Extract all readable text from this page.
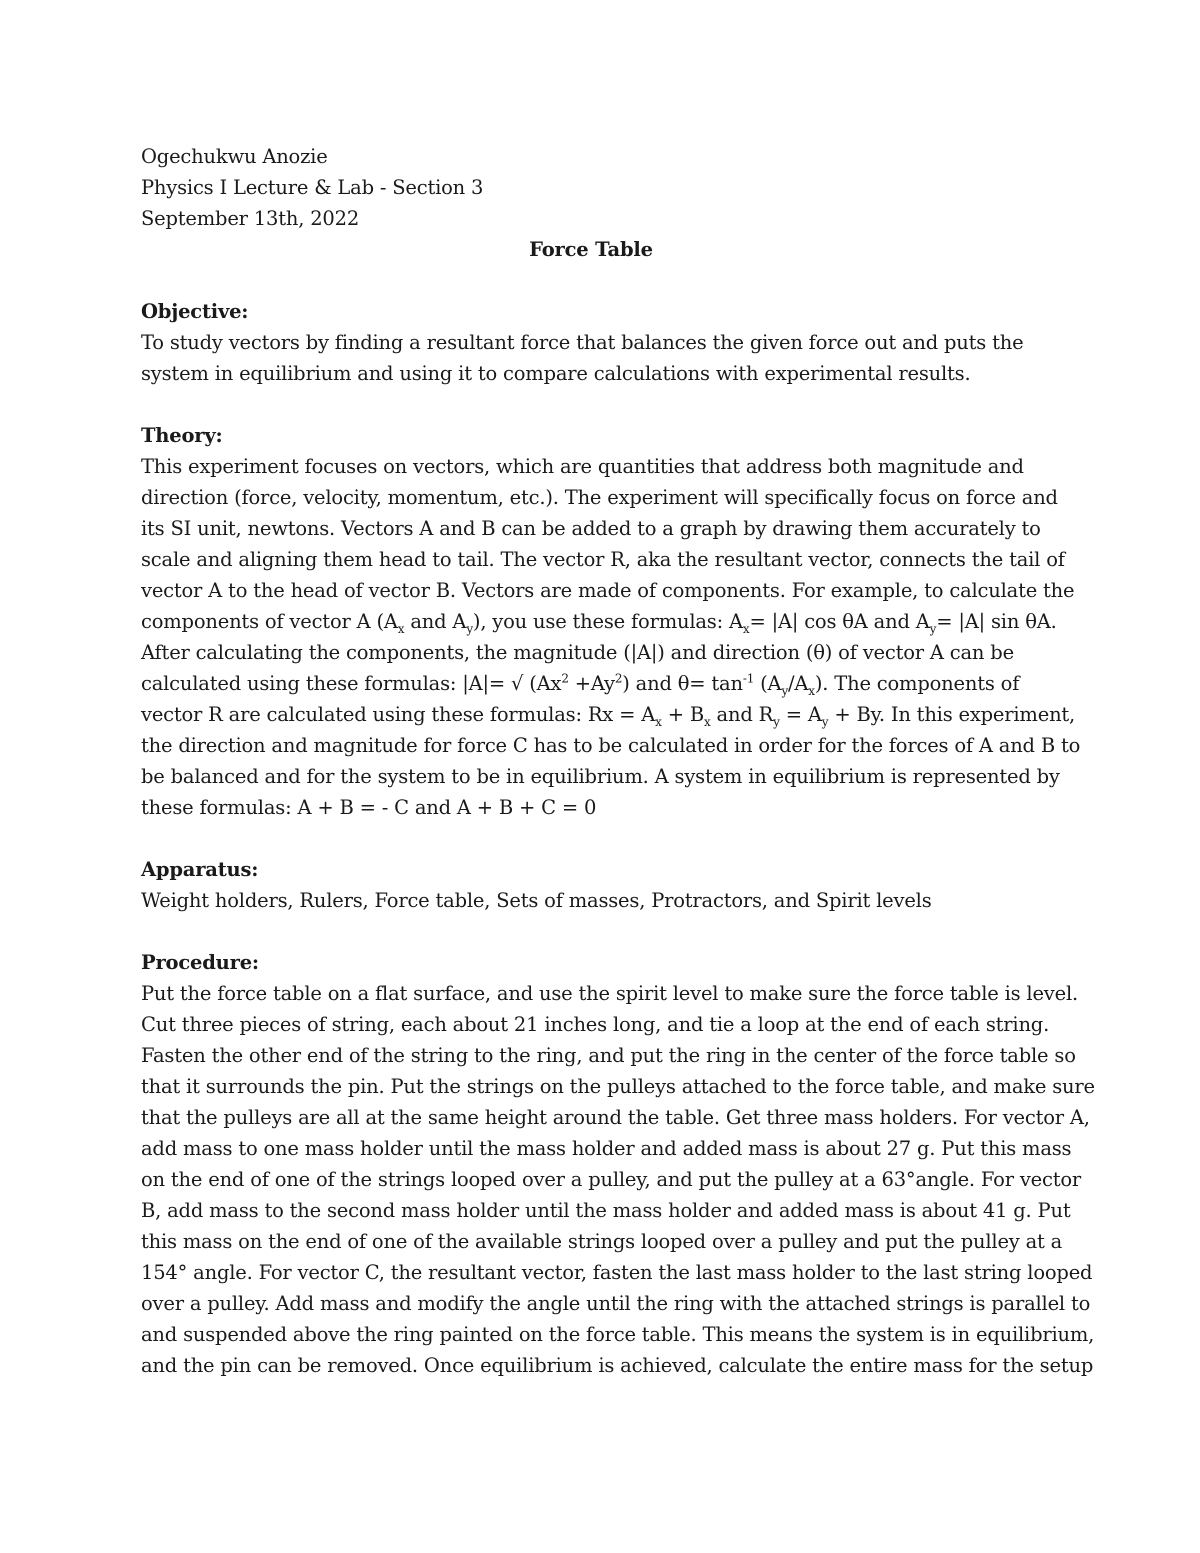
Ogechukwu Anozie
Physics I Lecture & Lab - Section 3
September 13th, 2022
Force Table
Objective:

To study vectors by finding a resultant force that balances the given force out and puts the

system in equilibrium and using it to compare calculations with experimental results.

Theory:

This experiment focuses on vectors, which are quantities that address both magnitude and

direction (force, velocity, momentum, etc.). The experiment will specifically focus on force and

its SI unit, newtons. Vectors A and B can be added to a graph by drawing them accurately to

scale and aligning them head to tail. The vector R, aka the resultant vector, connects the tail of

vector A to the head of vector B. Vectors are made of components. For example, to calculate the

components of vector A ($A_x$ and $A_y$), you use these formulas: $A_x= |A|$ cos θA and $A_y= |A|$ sin θA.

After calculating the components, the magnitude (|A|) and direction (θ) of vector A can be

calculated using these formulas: |A|= √ $(Ax^2 +Ay^2)$ and $\theta= \tan^{-1} (A_y/A_x)$. The components of

vector R are calculated using these formulas: $Rx = A_x + B_x$ and $R_y = A_y + By$. In this experiment,

the direction and magnitude for force C has to be calculated in order for the forces of A and B to

be balanced and for the system to be in equilibrium. A system in equilibrium is represented by

these formulas: A + B = - C and A + B + C = 0

Apparatus:

Weight holders, Rulers, Force table, Sets of masses, Protractors, and Spirit levels

Procedure:

Put the force table on a flat surface, and use the spirit level to make sure the force table is level.

Cut three pieces of string, each about 21 inches long, and tie a loop at the end of each string.

Fasten the other end of the string to the ring, and put the ring in the center of the force table so

that it surrounds the pin. Put the strings on the pulleys attached to the force table, and make sure

that the pulleys are all at the same height around the table. Get three mass holders. For vector A,

add mass to one mass holder until the mass holder and added mass is about 27 g. Put this mass

on the end of one of the strings looped over a pulley, and put the pulley at a 63°angle. For vector

B, add mass to the second mass holder until the mass holder and added mass is about 41 g. Put

this mass on the end of one of the available strings looped over a pulley and put the pulley at a

154° angle. For vector C, the resultant vector, fasten the last mass holder to the last string looped

over a pulley. Add mass and modify the angle until the ring with the attached strings is parallel to

and suspended above the ring painted on the force table. This means the system is in equilibrium,

and the pin can be removed. Once equilibrium is achieved, calculate the entire mass for the setup
